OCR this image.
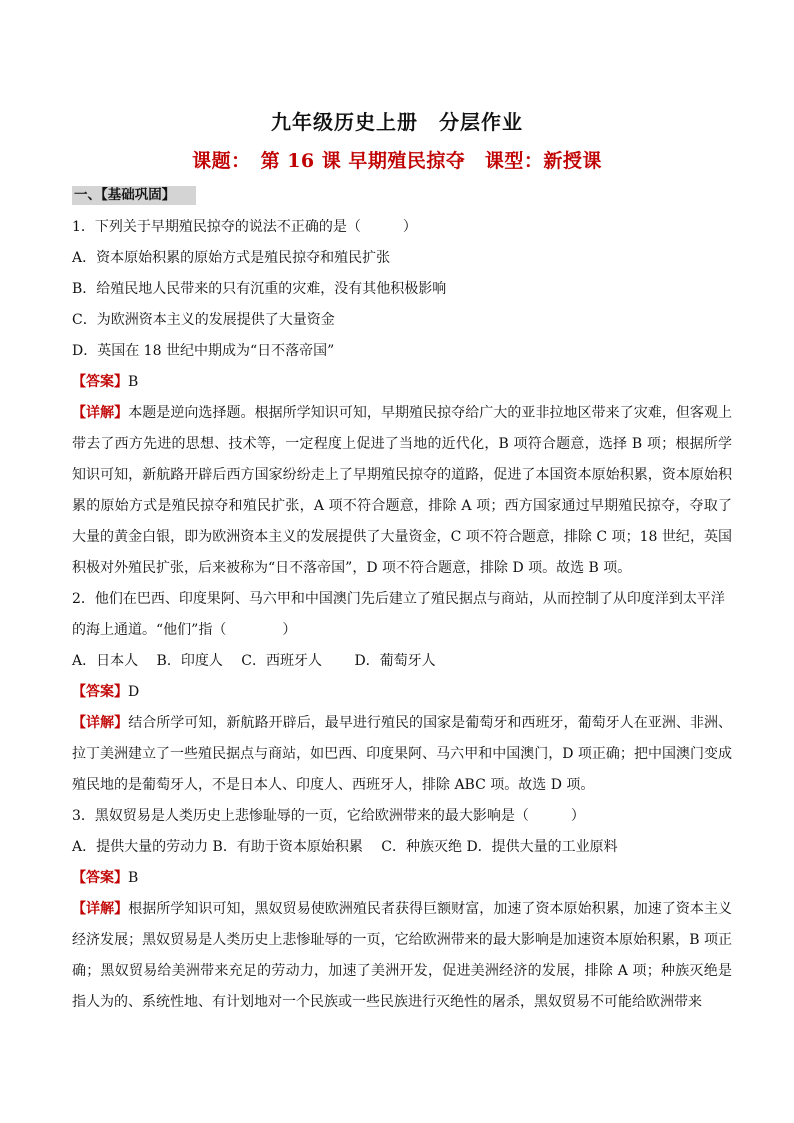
九年级历史上册　分层作业
课题：　第 16 课 早期殖民掠夺　课型：新授课
一、【基础巩固】
1．下列关于早期殖民掠夺的说法不正确的是（　　　）
A．资本原始积累的原始方式是殖民掠夺和殖民扩张
B．给殖民地人民带来的只有沉重的灾难，没有其他积极影响
C．为欧洲资本主义的发展提供了大量资金
D．英国在 18 世纪中期成为“日不落帝国”
【答案】B

【详解】本题是逆向选择题。根据所学知识可知，早期殖民掠夺给广大的亚非拉地区带来了灾难，但客观上带去了西方先进的思想、技术等，一定程度上促进了当地的近代化，B 项符合题意，选择 B 项；根据所学知识可知，新航路开辟后西方国家纷纷走上了早期殖民掠夺的道路，促进了本国资本原始积累，资本原始积累的原始方式是殖民掠夺和殖民扩张，A 项不符合题意，排除 A 项；西方国家通过早期殖民掠夺，夺取了大量的黄金白银，即为欧洲资本主义的发展提供了大量资金，C 项不符合题意，排除 C 项；18 世纪，英国积极对外殖民扩张，后来被称为“日不落帝国”，D 项不符合题意，排除 D 项。故选 B 项。

2．他们在巴西、印度果阿、马六甲和中国澳门先后建立了殖民据点与商站，从而控制了从印度洋到太平洋
的海上通道。“他们”指（　　　　）
A．日本人　 B．印度人　 C．西班牙人　　 D．葡萄牙人
【答案】D

【详解】结合所学可知，新航路开辟后，最早进行殖民的国家是葡萄牙和西班牙，葡萄牙人在亚洲、非洲、拉丁美洲建立了一些殖民据点与商站，如巴西、印度果阿、马六甲和中国澳门，D 项正确；把中国澳门变成殖民地的是葡萄牙人，不是日本人、印度人、西班牙人，排除 ABC 项。故选 D 项。

3．黑奴贸易是人类历史上悲惨耻辱的一页，它给欧洲带来的最大影响是（　　　）
A．提供大量的劳动力 B．有助于资本原始积累　 C．种族灭绝 D．提供大量的工业原料
【答案】B

【详解】根据所学知识可知，黑奴贸易使欧洲殖民者获得巨额财富，加速了资本原始积累，加速了资本主义经济发展；黑奴贸易是人类历史上悲惨耻辱的一页，它给欧洲带来的最大影响是加速资本原始积累，B 项正确；黑奴贸易给美洲带来充足的劳动力，加速了美洲开发，促进美洲经济的发展，排除 A 项；种族灭绝是指人为的、系统性地、有计划地对一个民族或一些民族进行灭绝性的屠杀，黑奴贸易不可能给欧洲带来
